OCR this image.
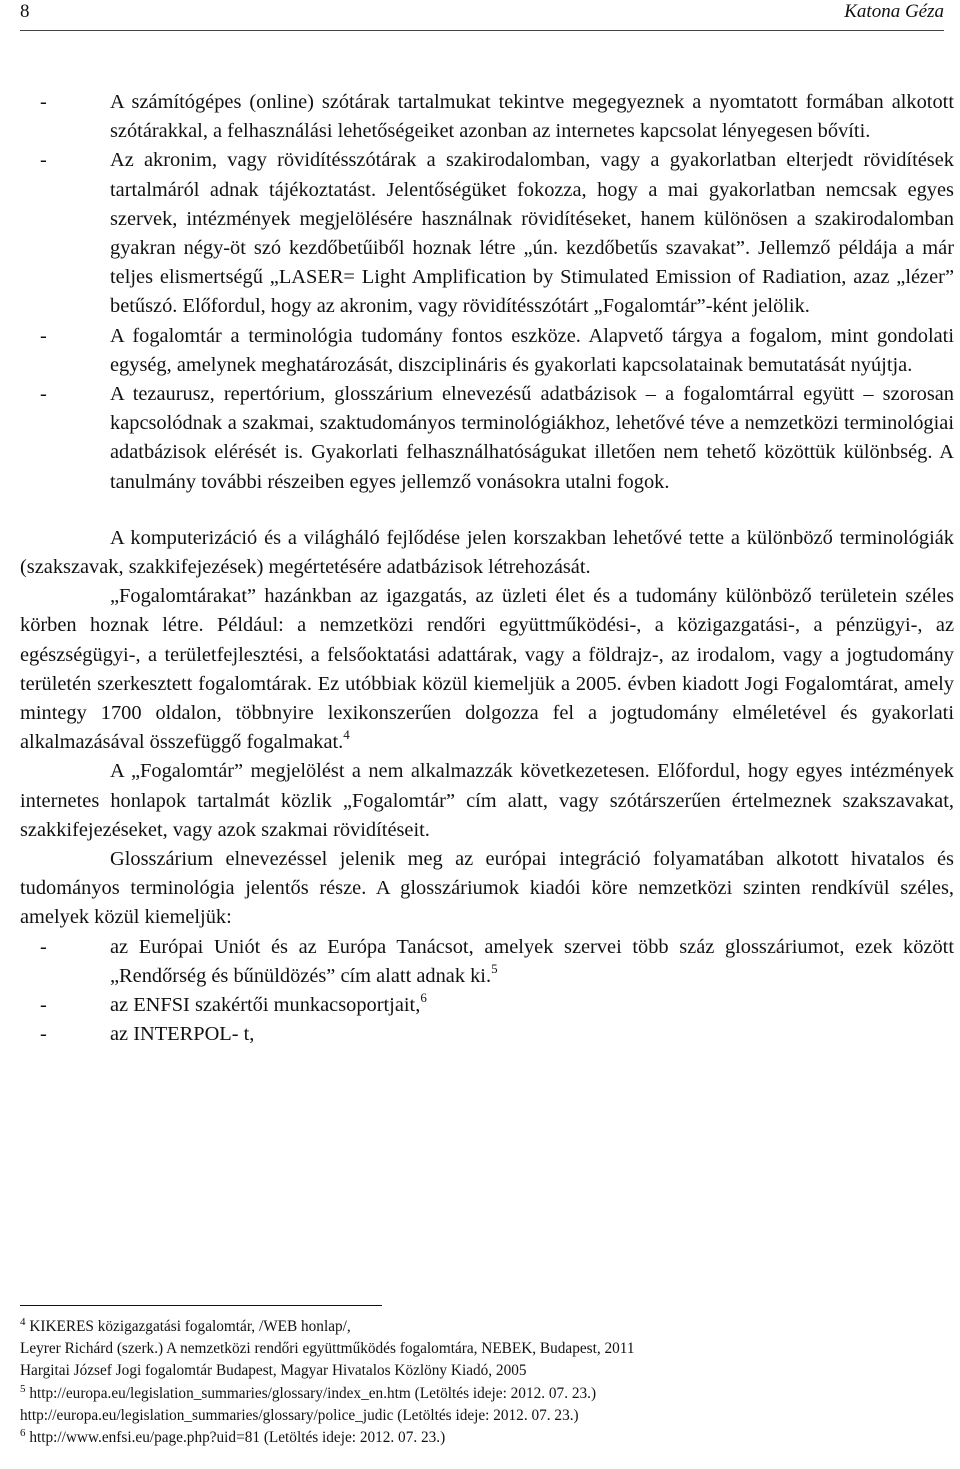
8	Katona Géza
- A számítógépes (online) szótárak tartalmukat tekintve megegyeznek a nyomtatott formában alkotott szótárakkal, a felhasználási lehetőségeiket azonban az internetes kapcsolat lényegesen bővíti.
- Az akronim, vagy rövidítésszótárak a szakirodalomban, vagy a gyakorlatban elterjedt rövidítések tartalmáról adnak tájékoztatást. Jelentőségüket fokozza, hogy a mai gyakorlatban nemcsak egyes szervek, intézmények megjelölésére használnak rövidítéseket, hanem különösen a szakirodalomban gyakran négy-öt szó kezdőbetűiből hoznak létre „ún. kezdőbetűs szavakat”. Jellemző példája a már teljes elismertségű „LASER= Light Amplification by Stimulated Emission of Radiation, azaz „lézer” betűszó. Előfordul, hogy az akronim, vagy rövidítésszótárt „Fogalomtár”-ként jelölik.
- A fogalomtár a terminológia tudomány fontos eszköze. Alapvető tárgya a fogalom, mint gondolati egység, amelynek meghatározását, diszciplináris és gyakorlati kapcsolatainak bemutatását nyújtja.
- A tezaurusz, repertórium, glosszárium elnevezésű adatbázisok – a fogalomtárral együtt – szorosan kapcsolódnak a szakmai, szaktudományos terminológiákhoz, lehetővé téve a nemzetközi terminológiai adatbázisok elérését is. Gyakorlati felhasználhatóságukat illetően nem tehető közöttük különbség. A tanulmány további részeiben egyes jellemző vonásokra utalni fogok.

A komputerizáció és a világháló fejlődése jelen korszakban lehetővé tette a különböző terminológiák (szakszavak, szakkifejezések) megértetésére adatbázisok létrehozását.

„Fogalomtárakat” hazánkban az igazgatás, az üzleti élet és a tudomány különböző területein széles körben hoznak létre. Például: a nemzetközi rendőri együttműködési-, a közigazgatási-, a pénzügyi-, az egészségügyi-, a területfejlesztési, a felsőoktatási adattárak, vagy a földrajz-, az irodalom, vagy a jogtudomány területén szerkesztett fogalomtárak. Ez utóbbiak közül kiemeljük a 2005. évben kiadott Jogi Fogalomtárat, amely mintegy 1700 oldalon, többnyire lexikonszerűen dolgozza fel a jogtudomány elméletével és gyakorlati alkalmazásával összefüggő fogalmakat.$^4$

A „Fogalomtár” megjelölést a nem alkalmazzák következetesen. Előfordul, hogy egyes intézmények internetes honlapok tartalmát közlik „Fogalomtár” cím alatt, vagy szótárszerűen értelmeznek szakszavakat, szakkifejezéseket, vagy azok szakmai rövidítéseit.

Glosszárium elnevezéssel jelenik meg az európai integráció folyamatában alkotott hivatalos és tudományos terminológia jelentős része. A glosszáriumok kiadói köre nemzetközi szinten rendkívül széles, amelyek közül kiemeljük:

- az Európai Uniót és az Európa Tanácsot, amelyek szervei több száz glosszáriumot, ezek között „Rendőrség és bűnüldözés” cím alatt adnak ki.$^5$
- az ENFSI szakértői munkacsoportjait,$^6$
- az INTERPOL- t,

$^4$ KIKERES közigazgatási fogalomtár, /WEB honlap/,

Leyrer Richárd (szerk.) A nemzetközi rendőri együttműködés fogalomtára, NEBEK, Budapest, 2011

Hargitai József Jogi fogalomtár Budapest, Magyar Hivatalos Közlöny Kiadó, 2005

$^5$ http://europa.eu/legislation_summaries/glossary/index_en.htm (Letöltés ideje: 2012. 07. 23.)

http://europa.eu/legislation_summaries/glossary/police_judic (Letöltés ideje: 2012. 07. 23.)

$^6$ http://www.enfsi.eu/page.php?uid=81 (Letöltés ideje: 2012. 07. 23.)
